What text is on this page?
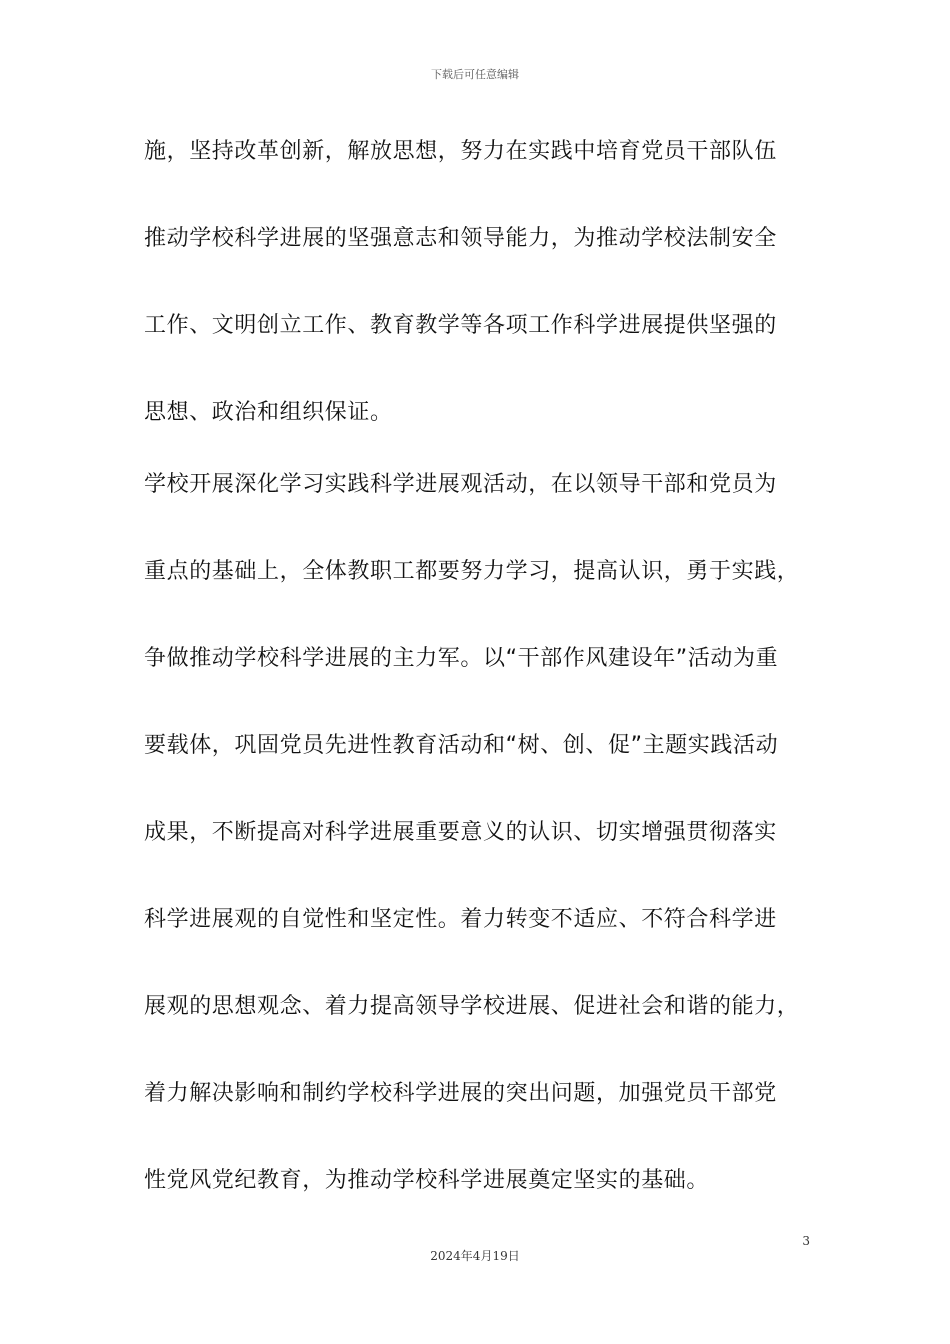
下载后可任意编辑
施，坚持改革创新，解放思想，努力在实践中培育党员干部队伍
推动学校科学进展的坚强意志和领导能力，为推动学校法制安全
工作、文明创立工作、教育教学等各项工作科学进展提供坚强的
思想、政治和组织保证。
学校开展深化学习实践科学进展观活动，在以领导干部和党员为
重点的基础上，全体教职工都要努力学习，提高认识，勇于实践，
争做推动学校科学进展的主力军。以“干部作风建设年”活动为重
要载体，巩固党员先进性教育活动和“树、创、促”主题实践活动
成果，不断提高对科学进展重要意义的认识、切实增强贯彻落实
科学进展观的自觉性和坚定性。着力转变不适应、不符合科学进
展观的思想观念、着力提高领导学校进展、促进社会和谐的能力，
着力解决影响和制约学校科学进展的突出问题，加强党员干部党
性党风党纪教育，为推动学校科学进展奠定坚实的基础。
3
2024年4月19日
